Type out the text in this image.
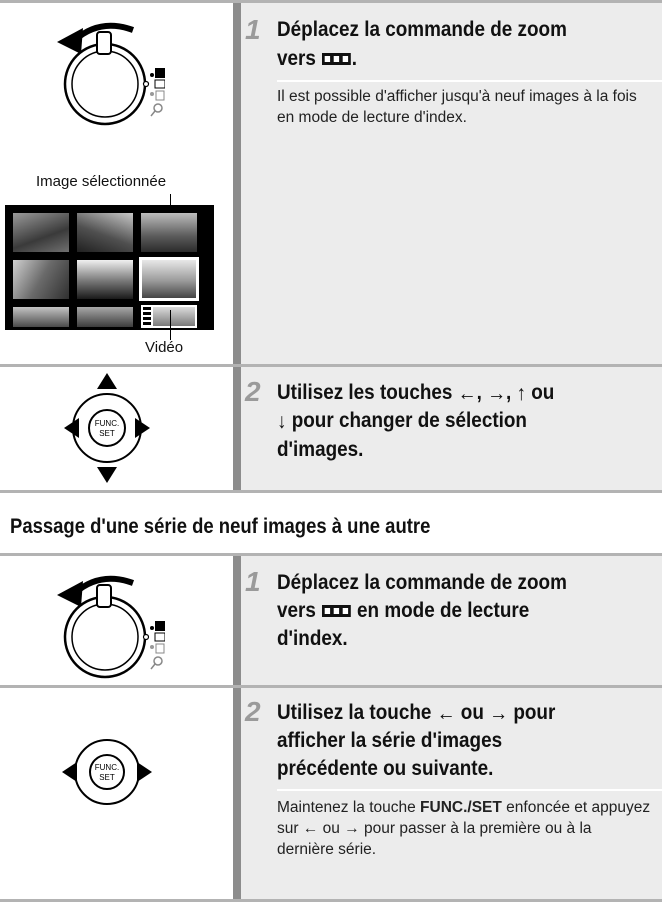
Image sélectionnée
Vidéo
1 Déplacez la commande de zoom
vers .
Il est possible d'afficher jusqu'à neuf images à la fois en mode de lecture d'index.
FUNC.
SET
2 Utilisez les touches ←, →, ↑ ou
↓ pour changer de sélection
d'images.
Passage d'une série de neuf images à une autre
1 Déplacez la commande de zoom
vers en mode de lecture
d'index.
FUNC.
SET
2 Utilisez la touche ← ou → pour
afficher la série d'images
précédente ou suivante.
Maintenez la touche FUNC./SET enfoncée et appuyez sur ← ou → pour passer à la première ou à la dernière série.
